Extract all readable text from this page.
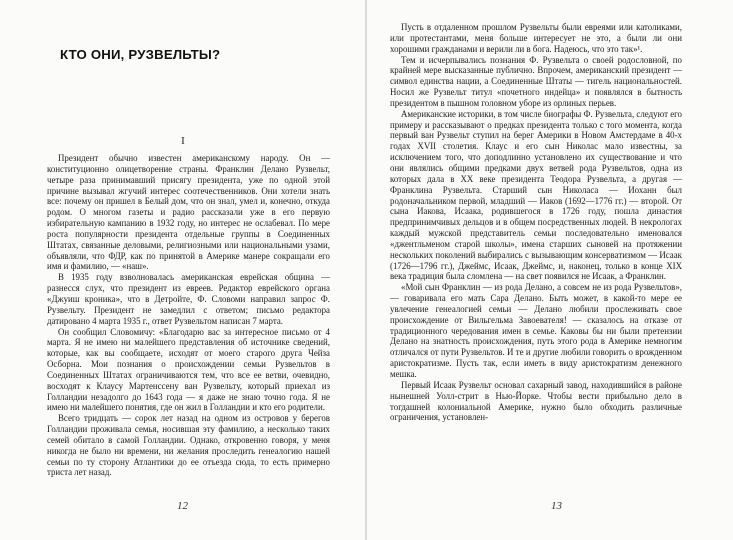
КТО ОНИ, РУЗВЕЛЬТЫ?
I

Президент обычно известен американскому народу. Он — конституционно олицетворение страны. Франклин Делано Рузвельт, четыре раза принимавший присягу президента, уже по одной этой причине вызывал жгучий интерес соотечественников. Они хотели знать все: почему он пришел в Белый дом, что он знал, умел и, конечно, откуда родом. О многом газеты и радио рассказали уже в его первую избирательную кампанию в 1932 году, но интерес не ослабевал. По мере роста популярности президента отдельные группы в Соединенных Штатах, связанные деловыми, религиозными или национальными узами, объявляли, что ФДР, как по принятой в Америке манере сокращали его имя и фамилию, — «наш».

В 1935 году взволновалась американская еврейская община — разнесся слух, что президент из евреев. Редактор еврейского органа «Джуиш кроника», что в Детройте, Ф. Словоми направил запрос Ф. Рузвельту. Президент не замедлил с ответом; письмо редактора датировано 4 марта 1935 г., ответ Рузвельтом написан 7 марта.

Он сообщил Словомичу: «Благодарю вас за интересное письмо от 4 марта. Я не имею ни малейшего представления об источнике сведений, которые, как вы сообщаете, исходят от моего старого друга Чейза Осборна. Мои познания о происхождении семьи Рузвельтов в Соединенных Штатах ограничиваются тем, что все ее ветви, очевидно, восходят к Клаусу Мартенссену ван Рузвельту, который приехал из Голландии незадолго до 1643 года — я даже не знаю точно года. Я не имею ни малейшего понятия, где он жил в Голландии и кто его родители.

Всего тридцать — сорок лет назад на одном из островов у берегов Голландии проживала семья, носившая эту фамилию, а несколько таких семей обитало в самой Голландии. Однако, откровенно говоря, у меня никогда не было ни времени, ни желания проследить генеалогию нашей семьи по ту сторону Атлантики до ее отъезда сюда, то есть примерно триста лет назад.

12

Пусть в отдаленном прошлом Рузвельты были евреями или католиками, или протестантами, меня больше интересует не это, а были ли они хорошими гражданами и верили ли в бога. Надеюсь, что это так»¹.

Тем и исчерпывались познания Ф. Рузвельта о своей родословной, по крайней мере высказанные публично. Впрочем, американский президент — символ единства нации, а Соединенные Штаты — тигель национальностей. Носил же Рузвельт титул «почетного индейца» и появлялся в бытность президентом в пышном головном уборе из орлиных перьев.

Американские историки, в том числе биографы Ф. Рузвельта, следуют его примеру и рассказывают о предках президента только с того момента, когда первый ван Рузвельт ступил на берег Америки в Новом Амстердаме в 40-х годах XVII столетия. Клаус и его сын Николас мало известны, за исключением того, что доподлинно установлено их существование и что они являлись общими предками двух ветвей рода Рузвельтов, одна из которых дала в XX веке президента Теодора Рузвельта, а другая — Франклина Рузвельта. Старший сын Николаса — Иоханн был родоначальником первой, младший — Иаков (1692—1776 гг.) — второй. От сына Иакова, Исаака, родившегося в 1726 году, пошла династия предпринимчивых дельцов и в общем посредственных людей. В некрологах каждый мужской представитель семьи последовательно именовался «джентльменом старой школы», имена старших сыновей на протяжении нескольких поколений выбирались с вызывающим консерватизмом — Исаак (1726—1796 гг.), Джеймс, Исаак, Джеймс, и, наконец, только в конце XIX века традиция была сломлена — на свет появился не Исаак, а Франклин.

«Мой сын Франклин — из рода Делано, а совсем не из рода Рузвельтов», — говаривала его мать Сара Делано. Быть может, в какой-то мере ее увлечение генеалогией семьи — Делано любили прослеживать свое происхождение от Вильгельма Завоевателя! — сказалось на отказе от традиционного чередования имен в семье. Каковы бы ни были претензии Делано на знатность происхождения, путь этого рода в Америке немногим отличался от пути Рузвельтов. И те и другие любили говорить о врожденном аристократизме. Пусть так, если иметь в виду аристократизм денежного мешка.

Первый Исаак Рузвельт основал сахарный завод, находившийся в районе нынешней Уолл-стрит в Нью-Йорке. Чтобы вести прибыльно дело в тогдашней колониальной Америке, нужно было обходить различные ограничения, установлен-

13
